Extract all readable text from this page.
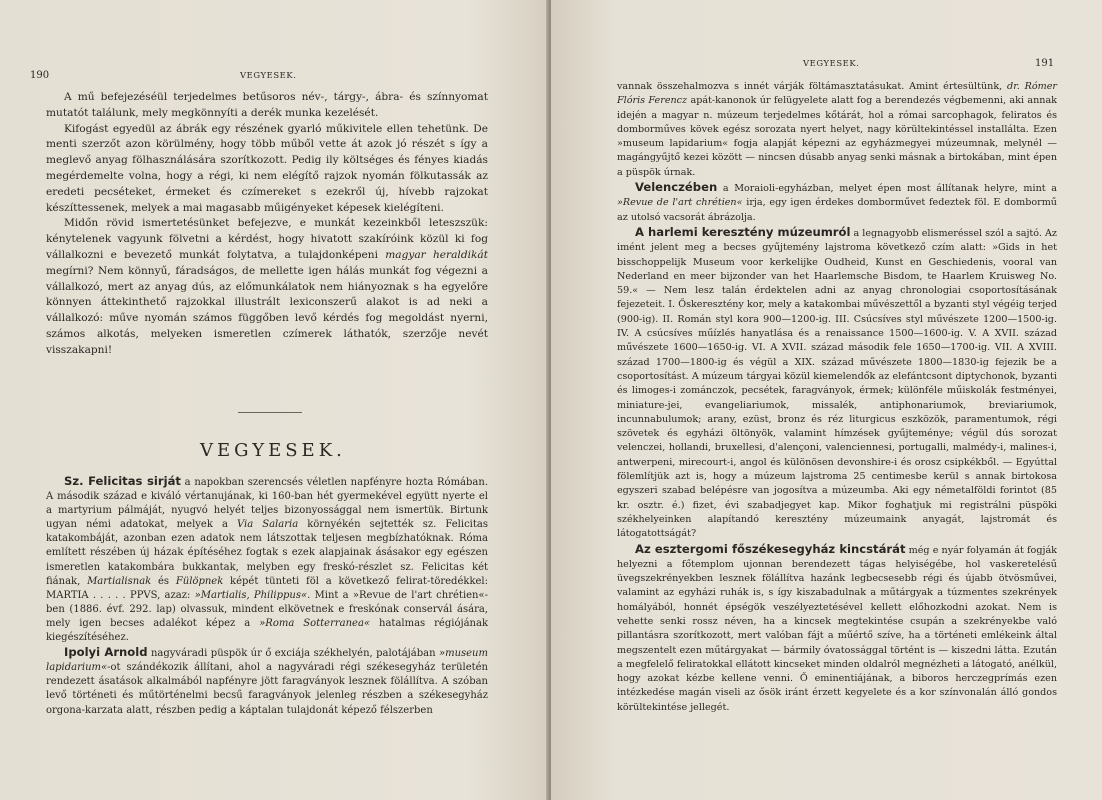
190	VEGYESEK.

A mű befejezéséül terjedelmes betűsoros név-, tárgy-, ábra- és színnyomat mutatót találunk, mely megkönnyíti a derék munka kezelését.

Kifogást egyedül az ábrák egy részének gyarló műkivitele ellen tehetünk. De menti szerzőt azon körülmény, hogy több műből vette át azok jó részét s így a meglevő anyag fölhasználására szorítkozott. Pedig ily költséges és fényes kiadás megérdemelte volna, hogy a régi, ki nem elégítő rajzok nyomán fölkutassák az eredeti pecséteket, érmeket és czímereket s ezekről új, hívebb rajzokat készíttessenek, melyek a mai magasabb műigényeket képesek kielégíteni.

Midőn rövid ismertetésünket befejezve, e munkát kezeinkből leteszszük: kénytelenek vagyunk fölvetni a kérdést, hogy hivatott szakíróink közül ki fog vállalkozni e bevezető munkát folytatva, a tulajdonképeni magyar heraldikát megírni? Nem könnyű, fáradságos, de mellette igen hálás munkát fog végezni a vállalkozó, mert az anyag dús, az előmunkálatok nem hiányoznak s ha egyelőre könnyen áttekinthető rajzokkal illustrált lexiconszerű alakot is ad neki a vállalkozó: műve nyomán számos függőben levő kérdés fog megoldást nyerni, számos alkotás, melyeken ismeretlen czímerek láthatók, szerzője nevét visszakapni!

VEGYESEK.

Sz. Felicitas sirját a napokban szerencsés véletlen napfényre hozta Rómában. A második század e kiváló vértanujának, ki 160-ban hét gyermekével együtt nyerte el a martyrium pálmáját, nyugvó helyét teljes bizonyossággal nem ismertük. Birtunk ugyan némi adatokat, melyek a Via Salaria környékén sejtették sz. Felicitas katakombáját, azonban ezen adatok nem látszottak teljesen megbízhatóknak. Róma említett részében új házak építéséhez fogtak s ezek alapjainak ásásakor egy egészen ismeretlen katakombára bukkantak, melyben egy freskó-részlet sz. Felicitas két fiának, Martialisnak és Fülöpnek képét tünteti föl a következő felirat-töredékkel: MARTIA . . . . . PPVS, azaz: »Martialis, Philippus«. Mint a »Revue de l'art chrétien«-ben (1886. évf. 292. lap) olvassuk, mindent elkövetnek e freskónak conservál ására, mely igen becses adalékot képez a »Roma Sotterranea« hatalmas régiójának kiegészítéséhez.

Ipolyi Arnold nagyváradi püspök úr ő exciája székhelyén, palotájában »museum lapidarium«-ot szándékozik állítani, ahol a nagyváradi régi székesegyház területén rendezett ásatások alkalmából napfényre jött faragványok lesznek fölállítva. A szóban levő történeti és műtörténelmi becsű faragványok jelenleg részben a székesegyház orgona-karzata alatt, részben pedig a káptalan tulajdonát képező félszerben

VEGYESEK.	191

vannak összehalmozva s innét várják föltámasztatásukat. Amint értesültünk, dr. Rómer Flóris Ferencz apát-kanonok úr felügyelete alatt fog a berendezés végbemenni, aki annak idején a magyar n. múzeum terjedelmes kőtárát, hol a római sarcophagok, feliratos és domborműves kövek egész sorozata nyert helyet, nagy körültekintéssel installálta. Ezen »museum lapidarium« fogja alapját képezni az egyházmegyei múzeumnak, melynél — magángyűjtő kezei között — nincsen dúsabb anyag senki másnak a birtokában, mint épen a püspök úrnak.

Velenczében a Moraioli-egyházban, melyet épen most állítanak helyre, mint a »Revue de l'art chrétien« irja, egy igen érdekes domborművet fedeztek föl. E dombormű az utolsó vacsorát ábrázolja.

A harlemi keresztény múzeumról a legnagyobb elismeréssel szól a sajtó. Az imént jelent meg a becses gyűjtemény lajstroma következő czím alatt: »Gids in het bisschoppelijk Museum voor kerkelijke Oudheid, Kunst en Geschiedenis, vooral van Nederland en meer bijzonder van het Haarlemsche Bisdom, te Haarlem Kruisweg No. 59.« — Nem lesz talán érdektelen adni az anyag chronologiai csoportosításának fejezeteit. I. Őskeresztény kor, mely a katakombai művészettől a byzanti styl végéig terjed (900-ig). II. Román styl kora 900—1200-ig. III. Csúcsíves styl művészete 1200—1500-ig. IV. A csúcsíves műízlés hanyatlása és a renaissance 1500—1600-ig. V. A XVII. század művészete 1600—1650-ig. VI. A XVII. század második fele 1650—1700-ig. VII. A XVIII. század 1700—1800-ig és végül a XIX. század művészete 1800—1830-ig fejezik be a csoportosítást. A múzeum tárgyai közül kiemelendők az elefántcsont diptychonok, byzanti és limoges-i zománczok, pecsétek, faragványok, érmek; különféle műiskolák festményei, miniature-jei, evangeliariumok, missalék, antiphonariumok, breviariumok, incunnabulumok; arany, ezüst, bronz és réz liturgicus eszközök, paramentumok, régi szövetek és egyházi öltönyök, valamint hímzések gyűjteménye; végül dús sorozat velenczei, hollandi, bruxellesi, d'alençoni, valenciennesi, portugalli, malmédy-i, malines-i, antwerpeni, mirecourt-i, angol és különösen devonshire-i és orosz csipkékből. — Egyúttal fölemlítjük azt is, hogy a múzeum lajstroma 25 centimesbe kerül s annak birtokosa egyszeri szabad belépésre van jogosítva a múzeumba. Aki egy németalföldi forintot (85 kr. osztr. é.) fizet, évi szabadjegyet kap. Mikor foghatjuk mi registrálni püspöki székhelyeinken alapítandó keresztény múzeumaink anyagát, lajstromát és látogatottságát?

Az esztergomi főszékesegyház kincstárát még e nyár folyamán át fogják helyezni a főtemplom ujonnan berendezett tágas helyiségébe, hol vaskeretelésű üvegszekrényekben lesznek fölállítva hazánk legbecsesebb régi és újabb ötvösművei, valamint az egyházi ruhák is, s így kiszabadulnak a műtárgyak a túzmentes szekrények homályából, honnét épségök veszélyeztetésével kellett előhozkodni azokat. Nem is vehette senki rossz néven, ha a kincsek megtekintése csupán a szekrényekbe való pillantásra szorítkozott, mert valóban fájt a műértő szíve, ha a történeti emlékeink által megszentelt ezen műtárgyakat — bármily óvatossággal történt is — kiszedni látta. Ezután a megfelelő feliratokkal ellátott kincseket minden oldalról megnézheti a látogató, anélkül, hogy azokat kézbe kellene venni. Ő eminentiájának, a biboros herczegprímás ezen intézkedése magán viseli az ősök iránt érzett kegyelete és a kor színvonalán álló gondos körültekintése jellegét.
